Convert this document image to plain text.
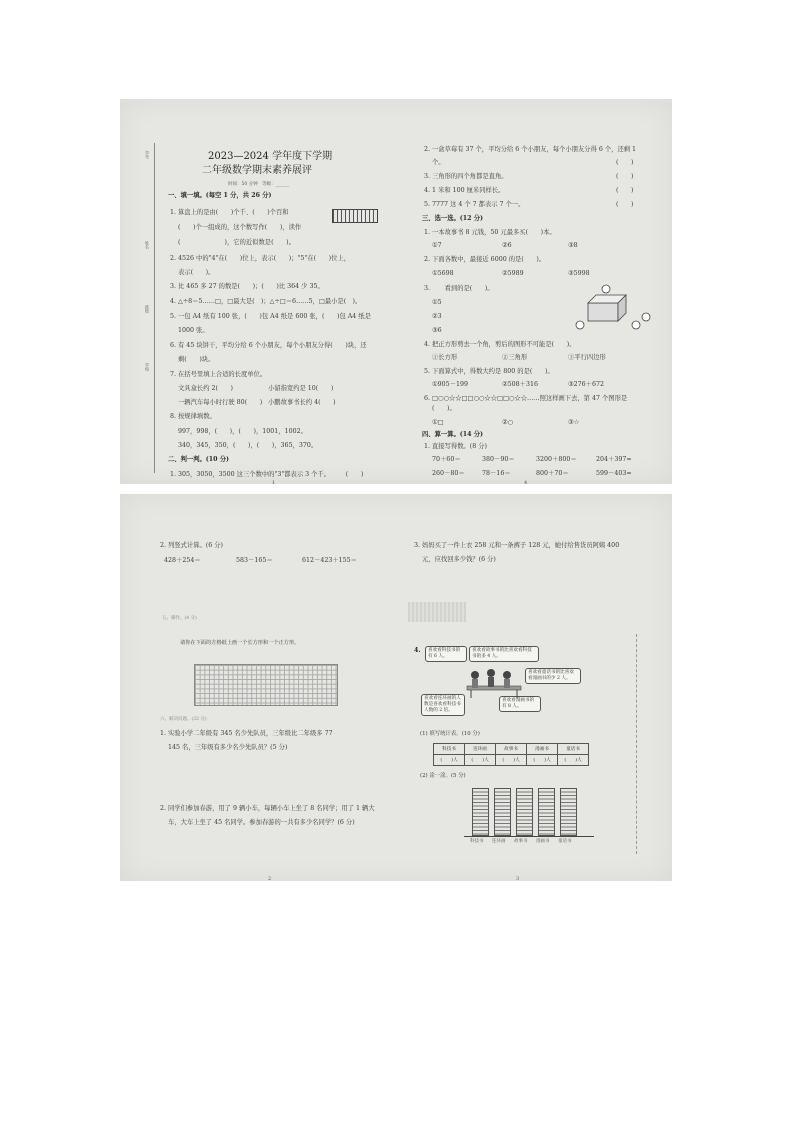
学号
姓名
班级
学校
2023—2024 学年度下学期
二年级数学期末素养展评
时间：50 分钟　等级：______
一、填一填。(每空 1 分，共 26 分)
1. 算盘上的是由(　　)个千、(　　)个百和
(　　)个一组成的，这个数写作(　　)，读作
(　　　　　　　)，它的近似数是(　　)。
2. 4526 中的"4"在(　　)位上，表示(　　)；"5"在(　　)位上，
表示(　　)。
3. 比 465 多 27 的数是(　　)；(　　)比 364 少 35。
4. △÷8＝5……□，□最大是(　)；△÷□＝6……5，□最小是(　)。
5. 一包 A4 纸有 100 张，(　　)包 A4 纸是 600 张，(　　)包 A4 纸是
1000 张。
6. 有 45 块饼干，平均分给 6 个小朋友，每个小朋友分得(　　)块，还
剩(　　)块。
7. 在括号里填上合适的长度单位。
文具盒长约 2(　　)	小貂指宽约是 10(　　)
一辆汽车每小时行驶 80(　　) 小鹏故事书长约 4(　　)
8. 按规律填数。
997，998，(　　)，(　　)，1001，1002。
340，345，350，(　　)，(　　)，365，370。
二、判一判。(10 分)
1. 305，3050，3500 这三个数中的"3"都表示 3 个千。　　　(　　)
1
2. 一盒草莓有 37 个，平均分给 6 个小朋友，每个小朋友分得 6 个，还剩 1
个。	(　　)
3. 三角形的四个角都是直角。	(　　)
4. 1 米和 100 厘米同样长。	(　　)
5. 7777 这 4 个 7 都表示 7 个一。	(　　)
三、选一选。(12 分)
1. 一本故事书 8 元钱，50 元最多买(　　)本。
①7	②6	③8
2. 下面各数中，最接近 6000 的是(　　)。
①5698	②5989	③5998
3. 　　看到的是(　　)。
①5
②3
③6
4. 把正方形剪去一个角，剪后的图形不可能是(　　)。
①长方形	②三角形	③平行四边形
5. 下面算式中，得数大约是 800 的是(　　)。
①905－199	②508＋316	③276＋672
6. □○○☆☆□□○○☆☆□□○☆☆……照这样画下去，第 47 个图形是
(　　)。
①□	②○	③☆
四、算一算。(14 分)
1. 直接写得数。(8 分)
70＋60＝	380－90＝	3200＋800＝	204＋397≈
260－80＝	78－16＝	800＋70＝	599－403≈
4
2. 列竖式计算。(6 分)
428＋254＝	583－165＝	612－423＋155＝
五、操作。(4 分)
请你在下面的方格纸上画一个长方形和一个正方形。
六、解决问题。(32 分)
1. 实验小学二年级有 345 名少先队员，三年级比二年级多 77
145 名，三年级有多少名少先队员？(5 分)
2. 同学们参加春游，用了 9 辆小车，每辆小车上坐了 8 名同学；用了 1 辆大
车，大车上坐了 45 名同学。参加春游的一共有多少名同学？(6 分)
2
3. 妈妈买了一件上衣 258 元和一条裤子 128 元，她付给售货员阿姨 400
元，应找回多少钱？(6 分)
4.	喜欢看科技书的有 6 人。
喜欢看故事书的比喜欢看科技书的多 4 人。
喜欢看童话书的比喜欢看漫画书的少 2 人。
喜欢看连环画的人数是喜欢看科技书人数的 2 倍。
喜欢看漫画书的有 8 人。
(1) 填写统计表。(10 分)
科技书	连环画	故事书	漫画书	童话书
(　　)人	(　　)人	(　　)人	(　　)人	(　　)人
(2) 涂一涂。(5 分)
科技书 连环画 故事书 漫画书 童话书
3
